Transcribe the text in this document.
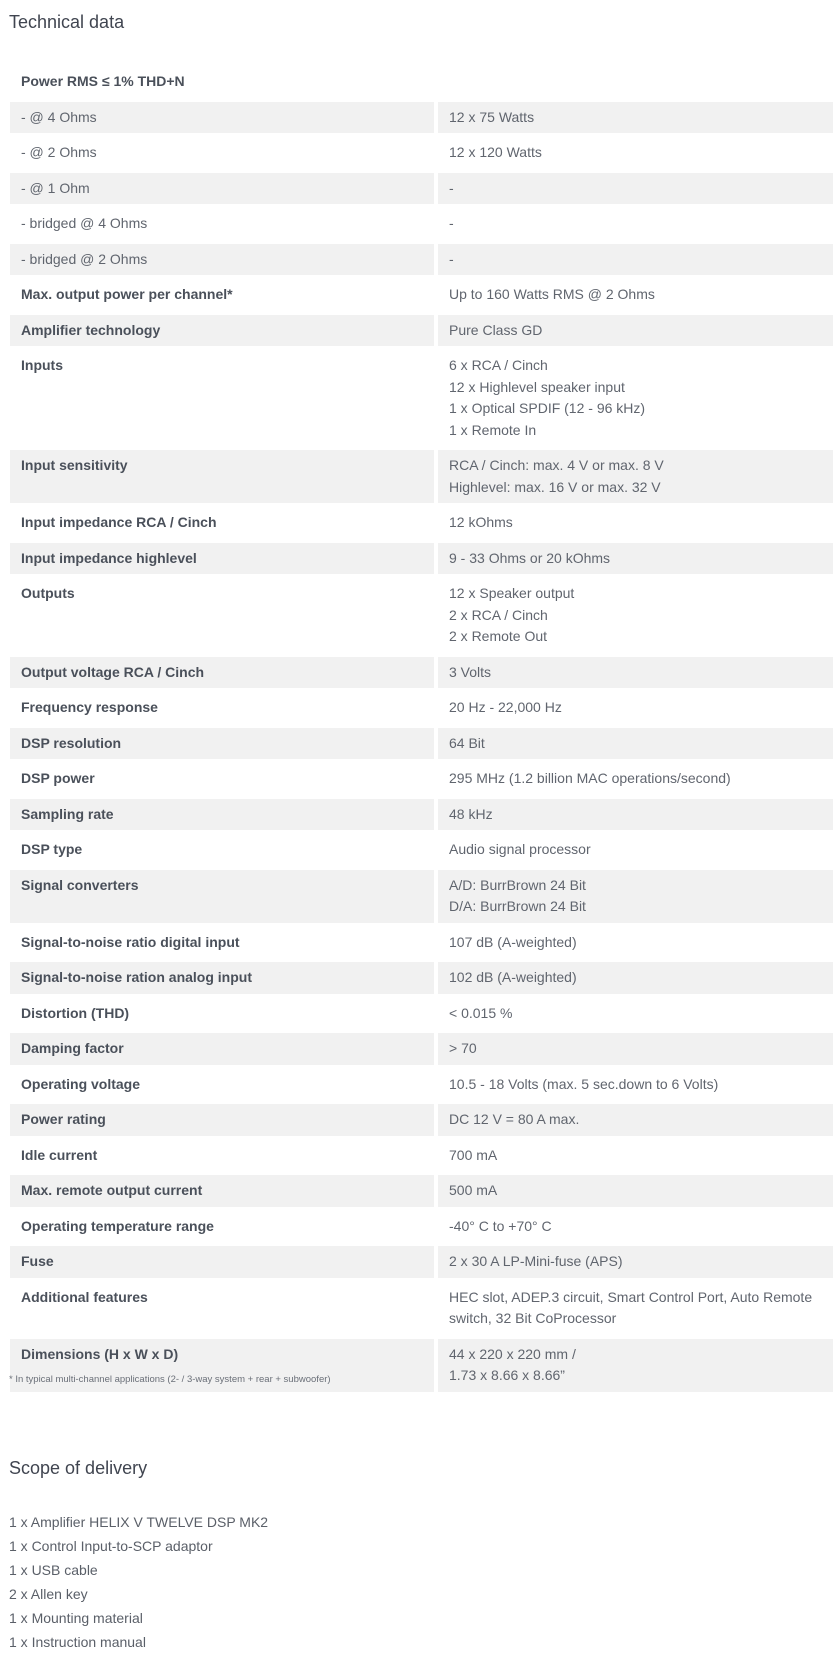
Technical data
Power RMS ≤ 1% THD+N

- @ 4 Ohms	12 x 75 Watts
- @ 2 Ohms	12 x 120 Watts
- @ 1 Ohm	-
- bridged @ 4 Ohms	-
- bridged @ 2 Ohms	-
Max. output power per channel*	Up to 160 Watts RMS @ 2 Ohms
Amplifier technology	Pure Class GD
Inputs	6 x RCA / Cinch
12 x Highlevel speaker input
1 x Optical SPDIF (12 - 96 kHz)
1 x Remote In
Input sensitivity	RCA / Cinch: max. 4 V or max. 8 V
Highlevel: max. 16 V or max. 32 V
Input impedance RCA / Cinch	12 kOhms
Input impedance highlevel	9 - 33 Ohms or 20 kOhms
Outputs	12 x Speaker output
2 x RCA / Cinch
2 x Remote Out
Output voltage RCA / Cinch	3 Volts
Frequency response	20 Hz - 22,000 Hz
DSP resolution	64 Bit
DSP power	295 MHz (1.2 billion MAC operations/second)
Sampling rate	48 kHz
DSP type	Audio signal processor
Signal converters	A/D: BurrBrown 24 Bit
D/A: BurrBrown 24 Bit
Signal-to-noise ratio digital input	107 dB (A-weighted)
Signal-to-noise ration analog input	102 dB (A-weighted)
Distortion (THD)	< 0.015 %
Damping factor	> 70
Operating voltage	10.5 - 18 Volts (max. 5 sec.down to 6 Volts)
Power rating	DC 12 V = 80 A max.
Idle current	700 mA
Max. remote output current	500 mA
Operating temperature range	-40° C to +70° C
Fuse	2 x 30 A LP-Mini-fuse (APS)
Additional features	HEC slot, ADEP.3 circuit, Smart Control Port, Auto Remote
switch, 32 Bit CoProcessor
Dimensions (H x W x D)	44 x 220 x 220 mm /
1.73 x 8.66 x 8.66”

* In typical multi-channel applications (2- / 3-way system + rear + subwoofer)

Scope of delivery
1 x Amplifier HELIX V TWELVE DSP MK2
1 x Control Input-to-SCP adaptor
1 x USB cable
2 x Allen key
1 x Mounting material
1 x Instruction manual
